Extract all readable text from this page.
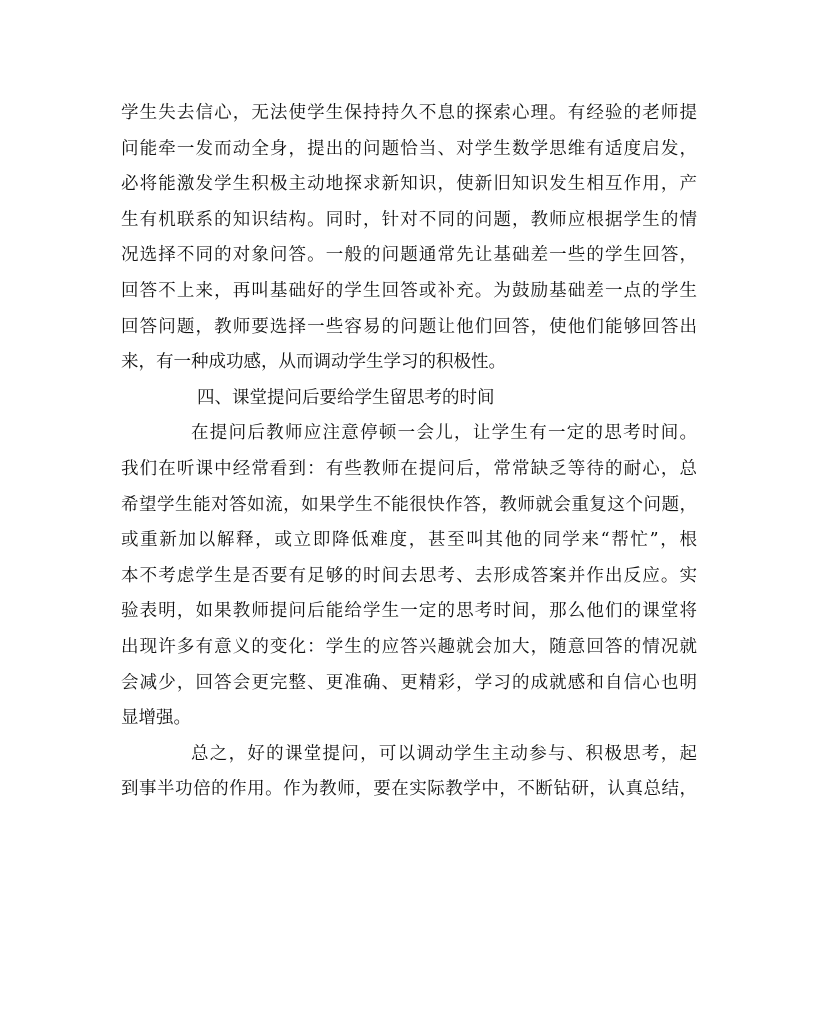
学生失去信心，无法使学生保持持久不息的探索心理。有经验的老师提
问能牵一发而动全身，提出的问题恰当、对学生数学思维有适度启发，
必将能激发学生积极主动地探求新知识，使新旧知识发生相互作用，产
生有机联系的知识结构。同时，针对不同的问题，教师应根据学生的情
况选择不同的对象问答。一般的问题通常先让基础差一些的学生回答，
回答不上来，再叫基础好的学生回答或补充。为鼓励基础差一点的学生
回答问题，教师要选择一些容易的问题让他们回答，使他们能够回答出
来，有一种成功感，从而调动学生学习的积极性。
四、课堂提问后要给学生留思考的时间
在提问后教师应注意停顿一会儿，让学生有一定的思考时间。
我们在听课中经常看到：有些教师在提问后，常常缺乏等待的耐心，总
希望学生能对答如流，如果学生不能很快作答，教师就会重复这个问题，
或重新加以解释，或立即降低难度，甚至叫其他的同学来“帮忙”，根
本不考虑学生是否要有足够的时间去思考、去形成答案并作出反应。实
验表明，如果教师提问后能给学生一定的思考时间，那么他们的课堂将
出现许多有意义的变化：学生的应答兴趣就会加大，随意回答的情况就
会减少，回答会更完整、更准确、更精彩，学习的成就感和自信心也明
显增强。
总之，好的课堂提问，可以调动学生主动参与、积极思考，起
到事半功倍的作用。作为教师，要在实际教学中，不断钻研，认真总结，
